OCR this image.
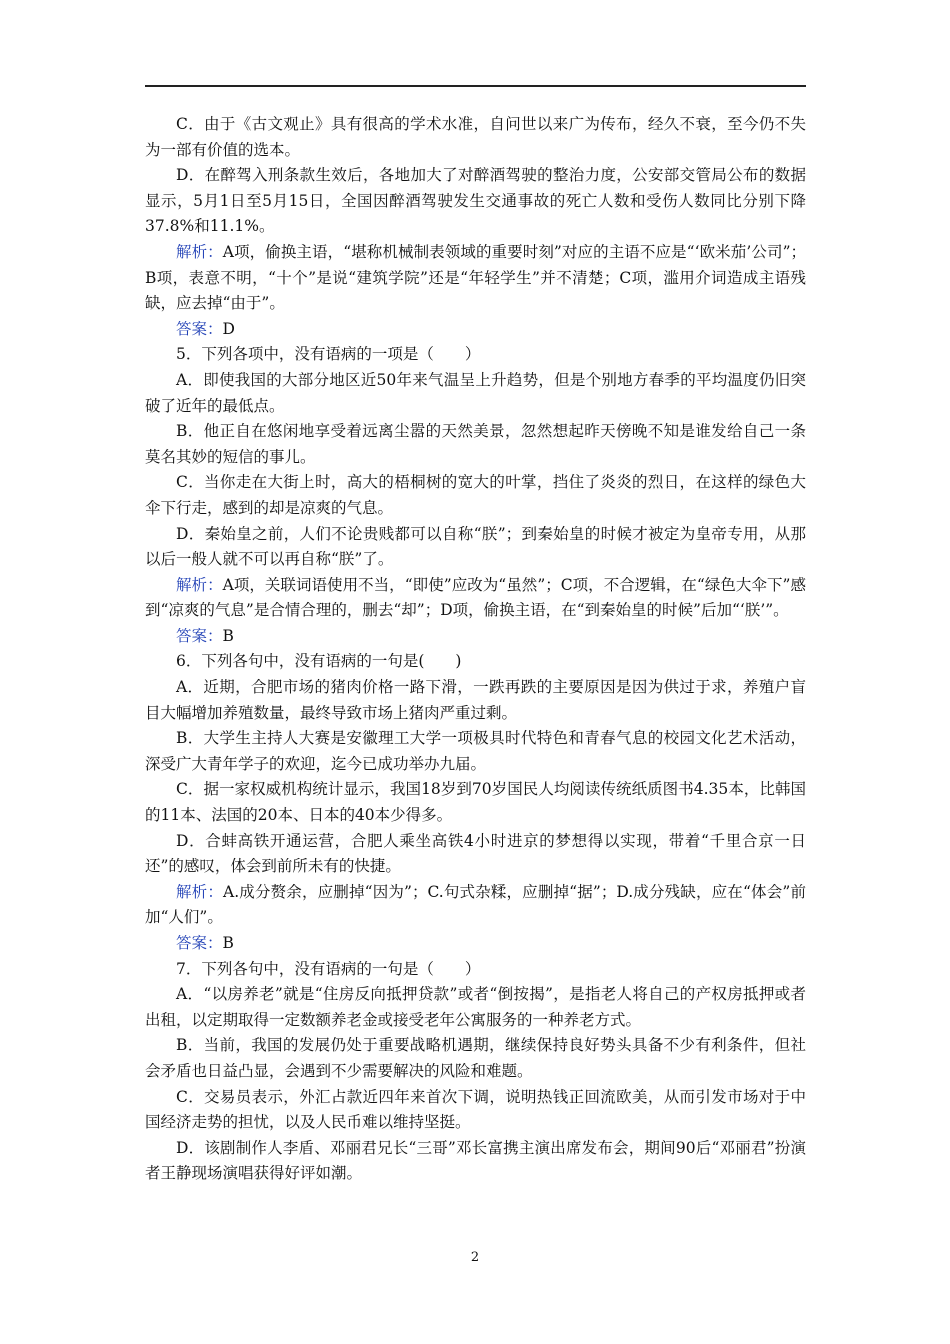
C．由于《古文观止》具有很高的学术水准，自问世以来广为传布，经久不衰，至今仍不失为一部有价值的选本。

D．在醉驾入刑条款生效后，各地加大了对醉酒驾驶的整治力度，公安部交管局公布的数据显示，5月1日至5月15日，全国因醉酒驾驶发生交通事故的死亡人数和受伤人数同比分别下降37.8%和11.1%。

解析：A项，偷换主语，“堪称机械制表领域的重要时刻”对应的主语不应是“‘欧米茄’公司”；B项，表意不明，“十个”是说“建筑学院”还是“年轻学生”并不清楚；C项，滥用介词造成主语残缺，应去掉“由于”。

答案：D

5．下列各项中，没有语病的一项是（　　）

A．即使我国的大部分地区近50年来气温呈上升趋势，但是个别地方春季的平均温度仍旧突破了近年的最低点。

B．他正自在悠闲地享受着远离尘嚣的天然美景，忽然想起昨天傍晚不知是谁发给自己一条莫名其妙的短信的事儿。

C．当你走在大街上时，高大的梧桐树的宽大的叶掌，挡住了炎炎的烈日，在这样的绿色大伞下行走，感到的却是凉爽的气息。

D．秦始皇之前，人们不论贵贱都可以自称“朕”；到秦始皇的时候才被定为皇帝专用，从那以后一般人就不可以再自称“朕”了。

解析：A项，关联词语使用不当，“即使”应改为“虽然”；C项，不合逻辑，在“绿色大伞下”感到“凉爽的气息”是合情合理的，删去“却”；D项，偷换主语，在“到秦始皇的时候”后加“‘朕’”。

答案：B

6．下列各句中，没有语病的一句是(　　)

A．近期，合肥市场的猪肉价格一路下滑，一跌再跌的主要原因是因为供过于求，养殖户盲目大幅增加养殖数量，最终导致市场上猪肉严重过剩。

B．大学生主持人大赛是安徽理工大学一项极具时代特色和青春气息的校园文化艺术活动，深受广大青年学子的欢迎，迄今已成功举办九届。

C．据一家权威机构统计显示，我国18岁到70岁国民人均阅读传统纸质图书4.35本，比韩国的11本、法国的20本、日本的40本少得多。

D．合蚌高铁开通运营，合肥人乘坐高铁4小时进京的梦想得以实现，带着“千里合京一日还”的感叹，体会到前所未有的快捷。

解析：A.成分赘余，应删掉“因为”；C.句式杂糅，应删掉“据”；D.成分残缺，应在“体会”前加“人们”。

答案：B

7．下列各句中，没有语病的一句是（　　）

A．“以房养老”就是“住房反向抵押贷款”或者“倒按揭”，是指老人将自己的产权房抵押或者出租，以定期取得一定数额养老金或接受老年公寓服务的一种养老方式。

B．当前，我国的发展仍处于重要战略机遇期，继续保持良好势头具备不少有利条件，但社会矛盾也日益凸显，会遇到不少需要解决的风险和难题。

C．交易员表示，外汇占款近四年来首次下调，说明热钱正回流欧美，从而引发市场对于中国经济走势的担忧，以及人民币难以维持坚挺。

D．该剧制作人李盾、邓丽君兄长“三哥”邓长富携主演出席发布会，期间90后“邓丽君”扮演者王静现场演唱获得好评如潮。

2
